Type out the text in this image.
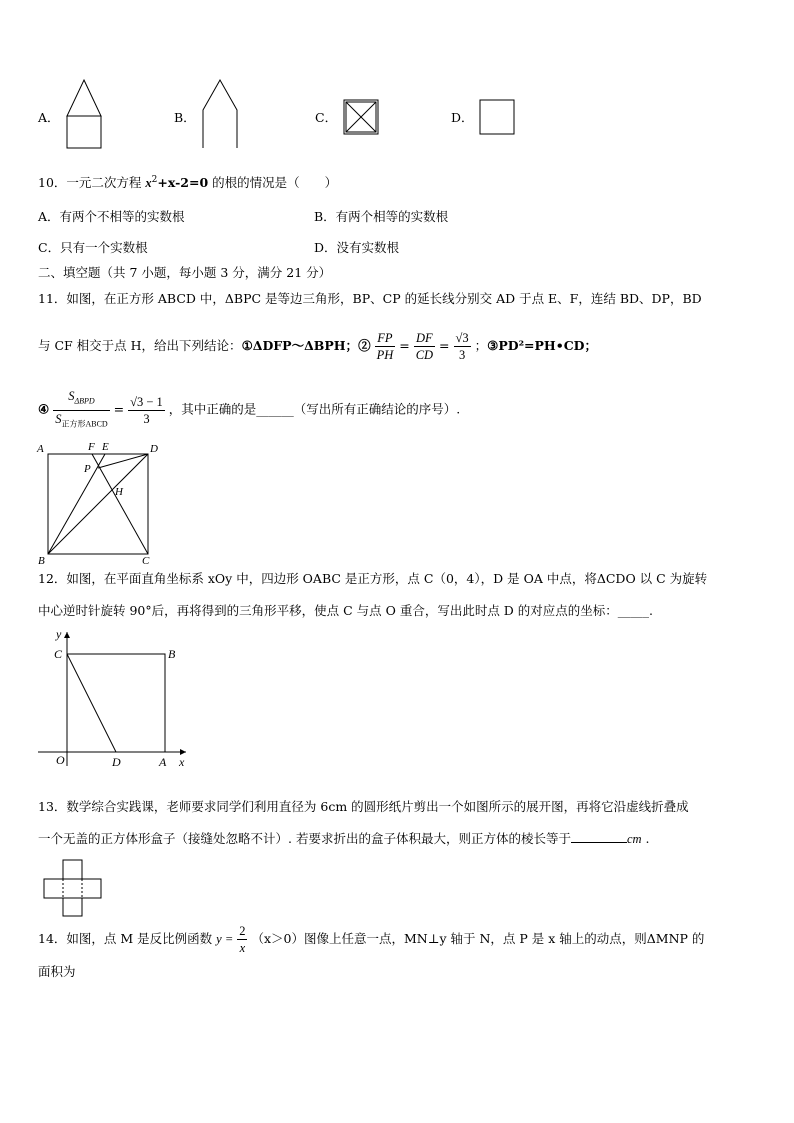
A．	B．	C．	D．
10．一元二次方程 $x^2+x-2=0$ 的根的情况是（　　）
A．有两个不相等的实数根	B．有两个相等的实数根
C．只有一个实数根	D．没有实数根
二、填空题（共 7 小题，每小题 3 分，满分 21 分）
11．如图，在正方形 ABCD 中，ΔBPC 是等边三角形，BP、CP 的延长线分别交 AD 于点 E、F，连结 BD、DP，BD
与 CF 相交于点 H，给出下列结论：①ΔDFP～ΔBPH；② $\frac{FP}{PH} = \frac{DF}{CD} = \frac{√3}{3}$ ；③PD²=PH•CD；
④ $\frac{S_{\Delta BPD}}{S_{正方形ABCD}} = \frac{√3 - 1}{3}$ ，其中正确的是______（写出所有正确结论的序号）.
A	F E	D
P
H
B	C
12．如图，在平面直角坐标系 xOy 中，四边形 OABC 是正方形，点 C（0，4），D 是 OA 中点，将ΔCDO 以 C 为旋转
中心逆时针旋转 90°后，再将得到的三角形平移，使点 C 与点 O 重合，写出此时点 D 的对应点的坐标：_____.
y
C	B
O	D	A x
13．数学综合实践课，老师要求同学们利用直径为 6cm 的圆形纸片剪出一个如图所示的展开图，再将它沿虚线折叠成
一个无盖的正方体形盒子（接缝处忽略不计）. 若要求折出的盒子体积最大，则正方体的棱长等于	cm .
14．如图，点 M 是反比例函数 $y = \frac{2}{x} (x>0)$图像上任意一点，MN⊥y 轴于 N，点 P 是 x 轴上的动点，则ΔMNP 的
面积为
